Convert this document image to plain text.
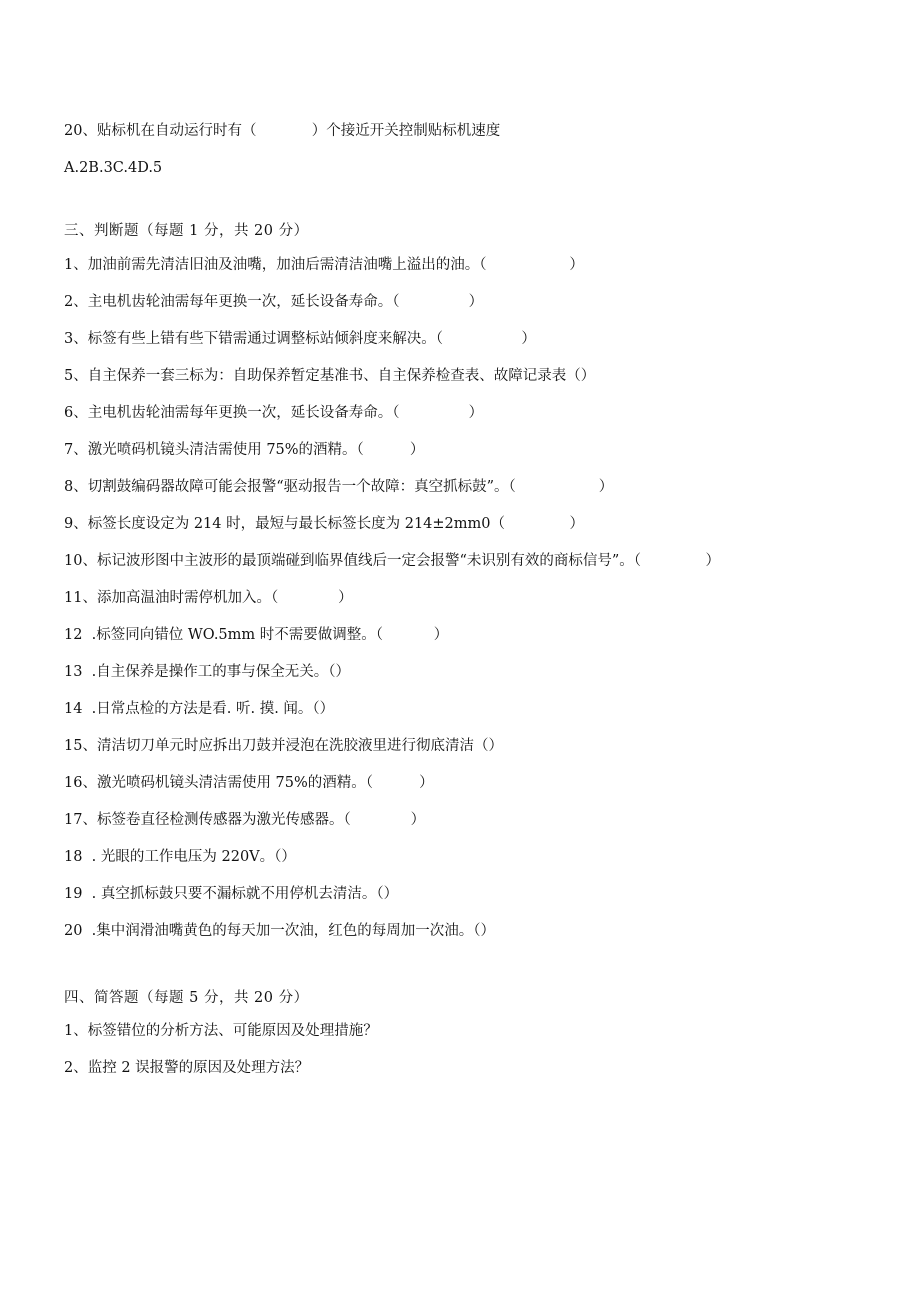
20、贴标机在自动运行时有（            ）个接近开关控制贴标机速度
A.2B.3C.4D.5
三、判断题（每题 1 分，共 20 分）
1、加油前需先清洁旧油及油嘴，加油后需清洁油嘴上溢出的油。（                  ）
2、主电机齿轮油需每年更换一次，延长设备寿命。（               ）
3、标签有些上错有些下错需通过调整标站倾斜度来解决。（                 ）
5、自主保养一套三标为：自助保养暂定基准书、自主保养检查表、故障记录表（）
6、主电机齿轮油需每年更换一次，延长设备寿命。（               ）
7、激光喷码机镜头清洁需使用 75%的酒精。（          ）
8、切割鼓编码器故障可能会报警“驱动报告一个故障：真空抓标鼓”。（                  ）
9、标签长度设定为 214 时，最短与最长标签长度为 214±2mm0（              ）
10、标记波形图中主波形的最顶端碰到临界值线后一定会报警“未识别有效的商标信号”。（              ）
11、添加高温油时需停机加入。（             ）
12  .标签同向错位 WO.5mm 时不需要做调整。（           ）
13  .自主保养是操作工的事与保全无关。（）
14  .日常点检的方法是看. 听. 摸. 闻。（）
15、清洁切刀单元时应拆出刀鼓并浸泡在洗胶液里进行彻底清洁（）
16、激光喷码机镜头清洁需使用 75%的酒精。（          ）
17、标签卷直径检测传感器为激光传感器。（             ）
18  . 光眼的工作电压为 220V。（）
19  . 真空抓标鼓只要不漏标就不用停机去清洁。（）
20  .集中润滑油嘴黄色的每天加一次油，红色的每周加一次油。（）
四、简答题（每题 5 分，共 20 分）
1、标签错位的分析方法、可能原因及处理措施？
2、监控 2 误报警的原因及处理方法？
